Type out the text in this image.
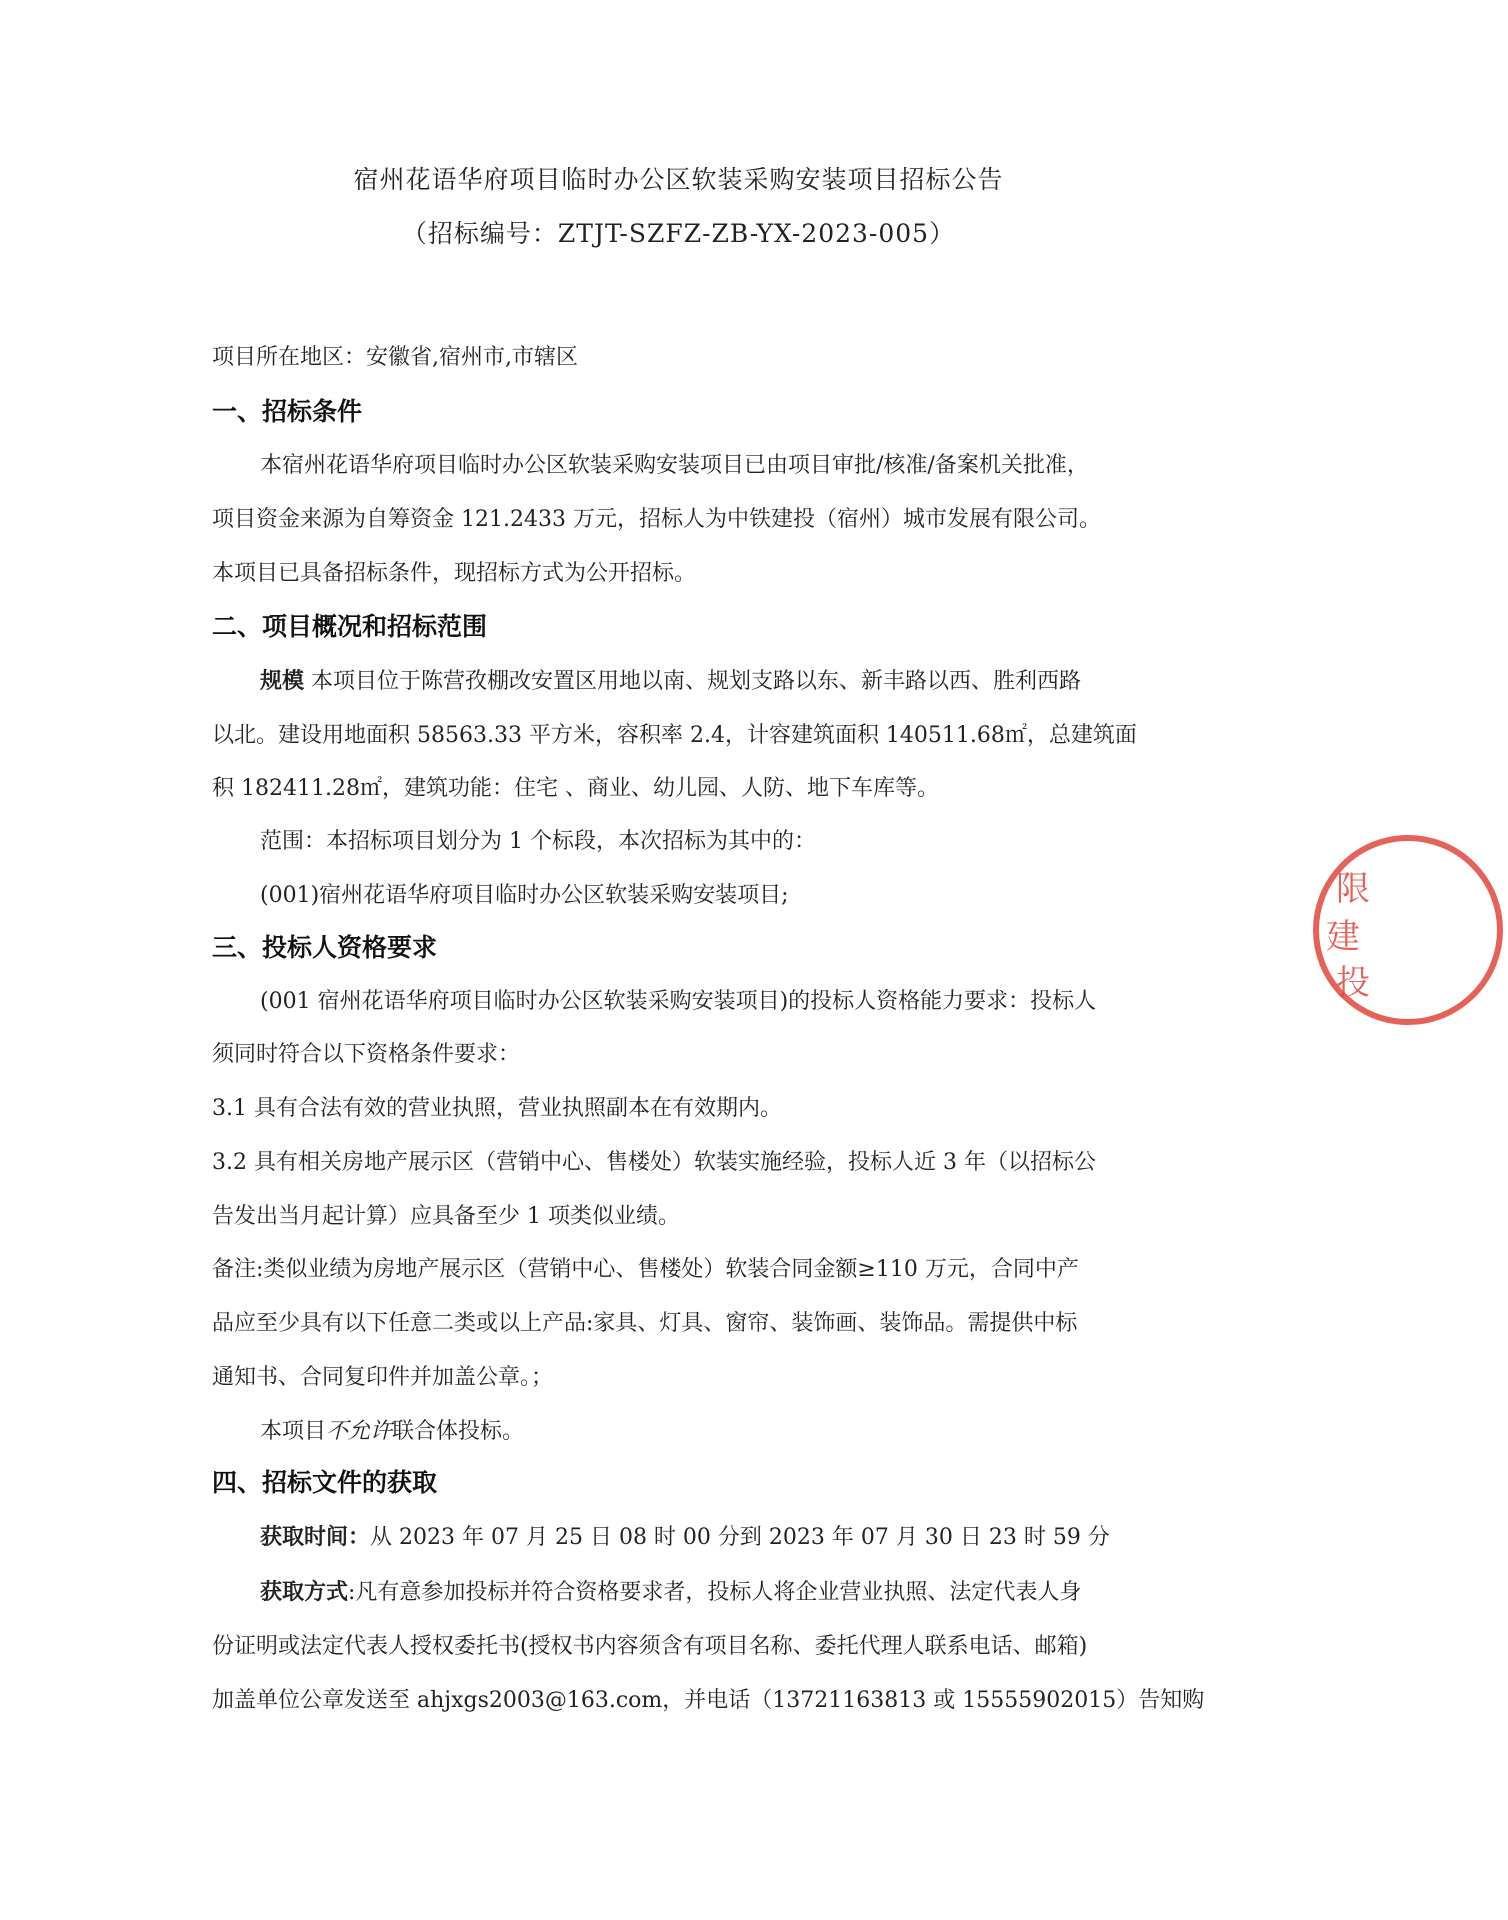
宿州花语华府项目临时办公区软装采购安装项目招标公告
（招标编号：ZTJT-SZFZ-ZB-YX-2023-005）
项目所在地区：安徽省,宿州市,市辖区
一、招标条件
本宿州花语华府项目临时办公区软装采购安装项目已由项目审批/核准/备案机关批准，
项目资金来源为自筹资金 121.2433 万元，招标人为中铁建投（宿州）城市发展有限公司。
本项目已具备招标条件，现招标方式为公开招标。
二、项目概况和招标范围
规模 本项目位于陈营孜棚改安置区用地以南、规划支路以东、新丰路以西、胜利西路
以北。建设用地面积 58563.33 平方米，容积率 2.4，计容建筑面积 140511.68㎡，总建筑面
积 182411.28㎡，建筑功能：住宅 、商业、幼儿园、人防、地下车库等。
范围：本招标项目划分为 1 个标段，本次招标为其中的：
(001)宿州花语华府项目临时办公区软装采购安装项目;
三、投标人资格要求
(001 宿州花语华府项目临时办公区软装采购安装项目)的投标人资格能力要求：投标人
须同时符合以下资格条件要求：
3.1 具有合法有效的营业执照，营业执照副本在有效期内。
3.2 具有相关房地产展示区（营销中心、售楼处）软装实施经验，投标人近 3 年（以招标公
告发出当月起计算）应具备至少 1 项类似业绩。
备注:类似业绩为房地产展示区（营销中心、售楼处）软装合同金额≥110 万元，合同中产
品应至少具有以下任意二类或以上产品:家具、灯具、窗帘、装饰画、装饰品。需提供中标
通知书、合同复印件并加盖公章。；
本项目不允许联合体投标。
四、招标文件的获取
获取时间：从 2023 年 07 月 25 日 08 时 00 分到 2023 年 07 月 30 日 23 时 59 分
获取方式:凡有意参加投标并符合资格要求者，投标人将企业营业执照、法定代表人身
份证明或法定代表人授权委托书(授权书内容须含有项目名称、委托代理人联系电话、邮箱)
加盖单位公章发送至 ahjxgs2003@163.com，并电话（13721163813 或 15555902015）告知购
限
建
投
